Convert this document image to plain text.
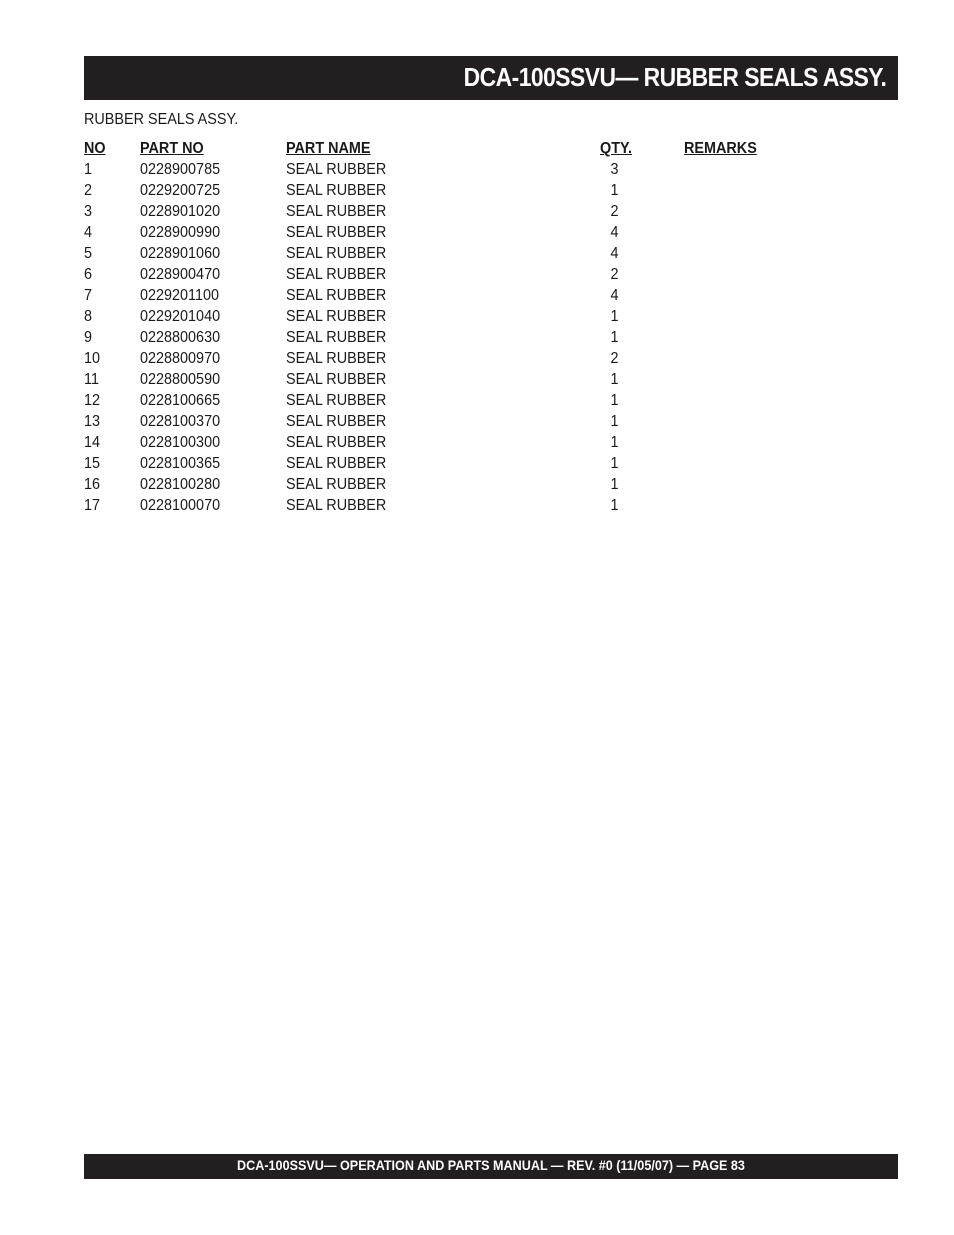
DCA-100SSVU— RUBBER SEALS ASSY.
RUBBER SEALS ASSY.
NO PART NO	PART NAME	QTY.	REMARKS
1	0228900785	SEAL RUBBER	3
2	0229200725	SEAL RUBBER	1
3	0228901020	SEAL RUBBER	2
4	0228900990	SEAL RUBBER	4
5	0228901060	SEAL RUBBER	4
6	0228900470	SEAL RUBBER	2
7	0229201100	SEAL RUBBER	4
8	0229201040	SEAL RUBBER	1
9	0228800630	SEAL RUBBER	1
10 0228800970	SEAL RUBBER	2
11	0228800590	SEAL RUBBER	1
12 0228100665	SEAL RUBBER	1
13 0228100370	SEAL RUBBER	1
14 0228100300	SEAL RUBBER	1
15 0228100365	SEAL RUBBER	1
16 0228100280	SEAL RUBBER	1
17 0228100070	SEAL RUBBER	1
DCA-100SSVU— OPERATION AND PARTS MANUAL — REV. #0 (11/05/07) — PAGE 83
